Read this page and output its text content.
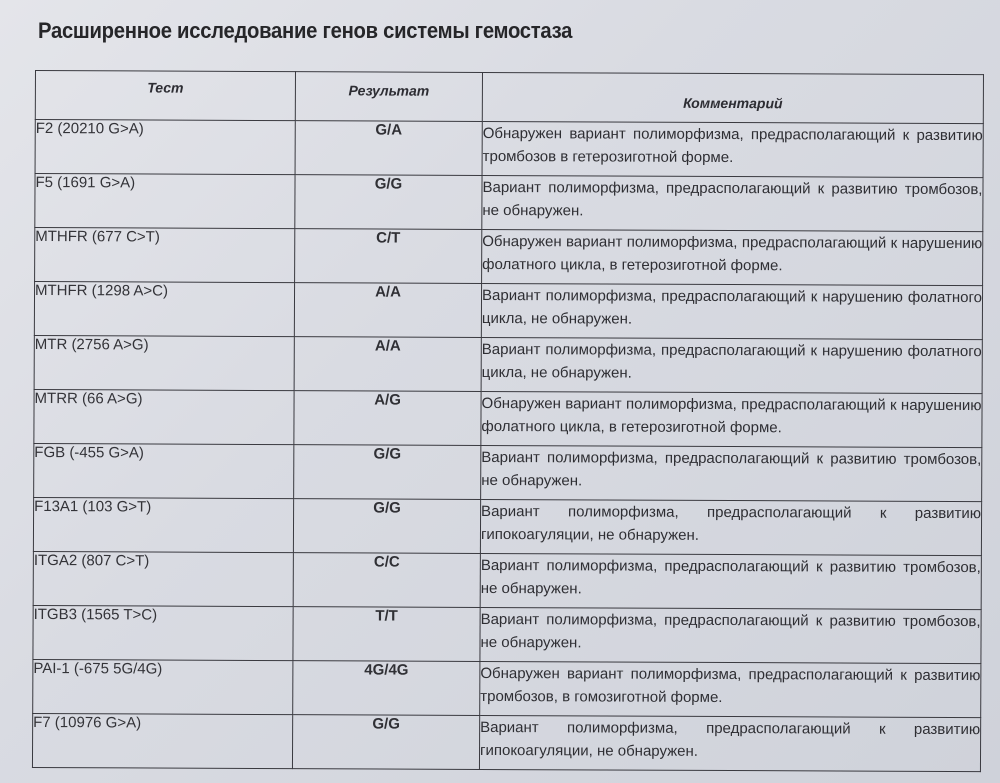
Расширенное исследование генов системы гемостаза
Тест	Результат	Комментарий
F2 (20210 G>A)	G/A	Обнаружен вариант полиморфизма, предрасполагающий к развитию тромбозов в гетерозиготной форме.
F5 (1691 G>A)	G/G	Вариант полиморфизма, предрасполагающий к развитию тромбозов, не обнаружен.
MTHFR (677 C>T)	C/T	Обнаружен вариант полиморфизма, предрасполагающий к нарушению фолатного цикла, в гетерозиготной форме.
MTHFR (1298 A>C)	A/A	Вариант полиморфизма, предрасполагающий к нарушению фолатного цикла, не обнаружен.
MTR (2756 A>G)	A/A	Вариант полиморфизма, предрасполагающий к нарушению фолатного цикла, не обнаружен.
MTRR (66 A>G)	A/G	Обнаружен вариант полиморфизма, предрасполагающий к нарушению фолатного цикла, в гетерозиготной форме.
FGB (-455 G>A)	G/G	Вариант полиморфизма, предрасполагающий к развитию тромбозов, не обнаружен.
F13A1 (103 G>T)	G/G	Вариант полиморфизма, предрасполагающий к развитию гипокоагуляции, не обнаружен.
ITGA2 (807 C>T)	C/C	Вариант полиморфизма, предрасполагающий к развитию тромбозов, не обнаружен.
ITGB3 (1565 T>C)	T/T	Вариант полиморфизма, предрасполагающий к развитию тромбозов, не обнаружен.
PAI-1 (-675 5G/4G)	4G/4G	Обнаружен вариант полиморфизма, предрасполагающий к развитию тромбозов, в гомозиготной форме.
F7 (10976 G>A)	G/G	Вариант полиморфизма, предрасполагающий к развитию гипокоагуляции, не обнаружен.
